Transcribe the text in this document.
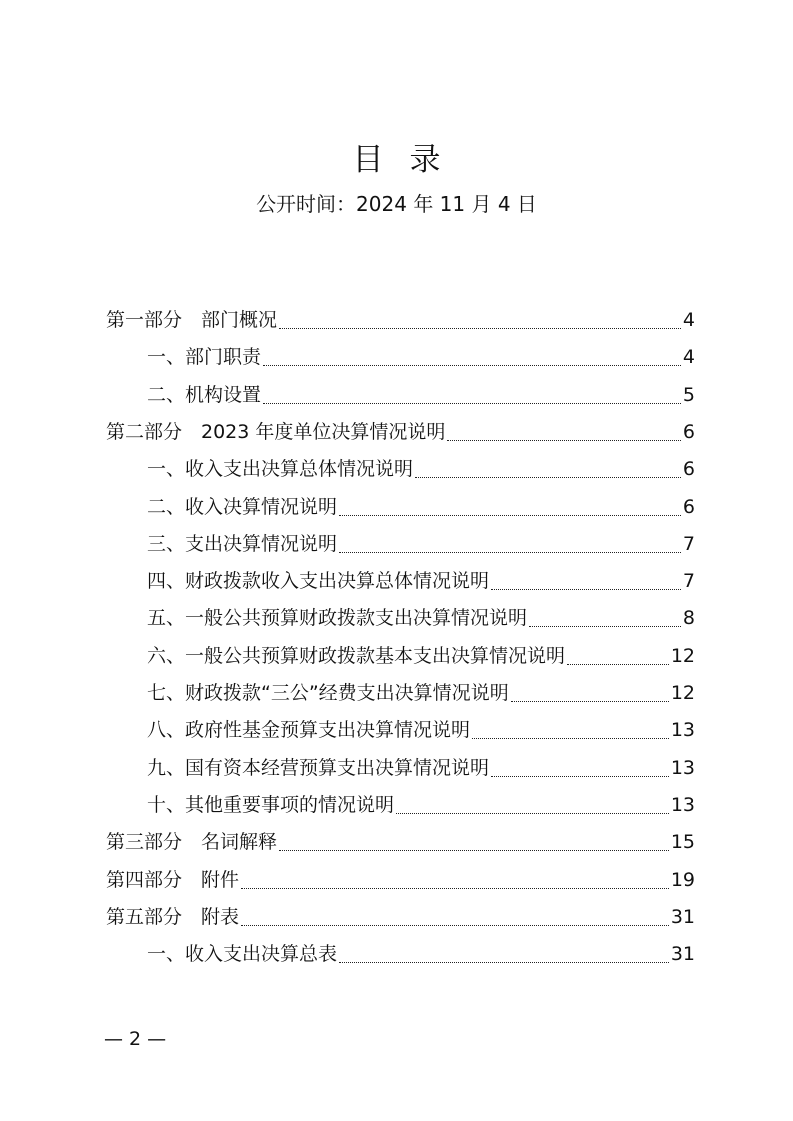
目录
公开时间：2024 年 11 月 4 日
第一部分　部门概况	4
一、部门职责	4
二、机构设置	5
第二部分　2023 年度单位决算情况说明	6
一、收入支出决算总体情况说明	6
二、收入决算情况说明	6
三、支出决算情况说明	7
四、财政拨款收入支出决算总体情况说明	7
五、一般公共预算财政拨款支出决算情况说明	8
六、一般公共预算财政拨款基本支出决算情况说明	12
七、财政拨款“三公”经费支出决算情况说明	12
八、政府性基金预算支出决算情况说明	13
九、国有资本经营预算支出决算情况说明	13
十、其他重要事项的情况说明	13
第三部分　名词解释	15
第四部分　附件	19
第五部分　附表	31
一、收入支出决算总表	31
— 2 —
